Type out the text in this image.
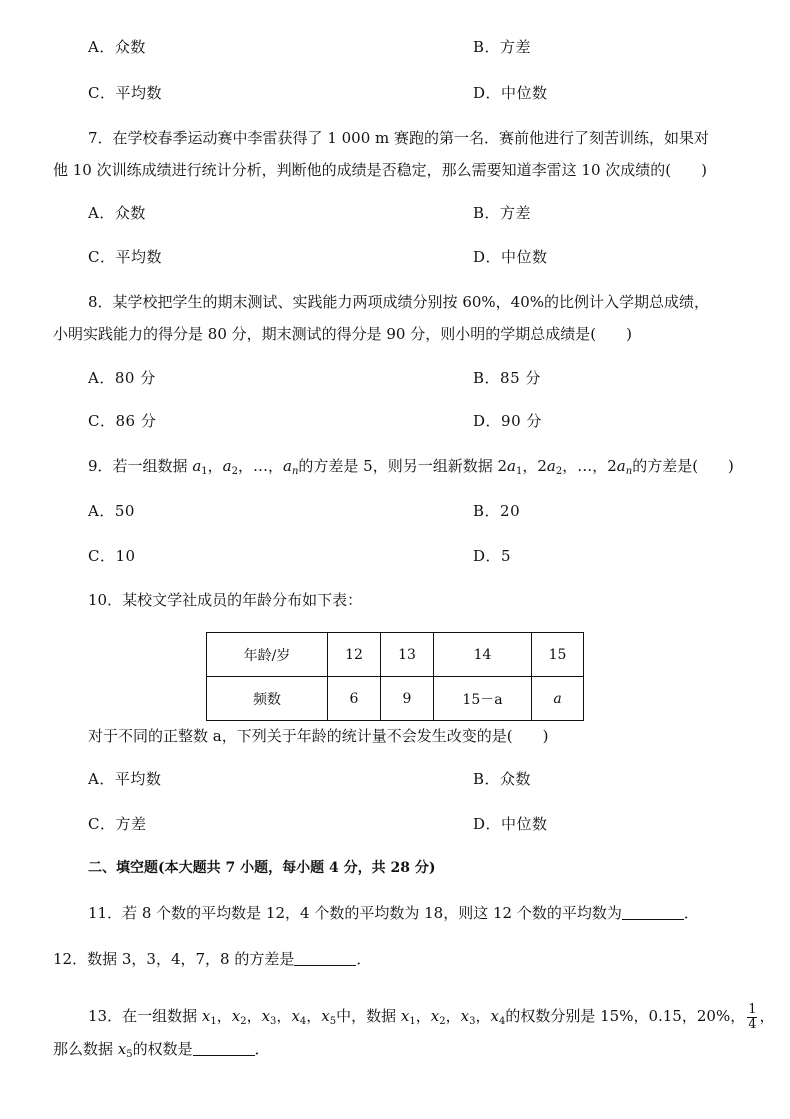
A．众数	B．方差
C．平均数	D．中位数
7．在学校春季运动赛中李雷获得了 1 000 m 赛跑的第一名．赛前他进行了刻苦训练，如果对
他 10 次训练成绩进行统计分析，判断他的成绩是否稳定，那么需要知道李雷这 10 次成绩的(　　)
A．众数	B．方差
C．平均数	D．中位数
8．某学校把学生的期末测试、实践能力两项成绩分别按 60%，40%的比例计入学期总成绩，
小明实践能力的得分是 80 分，期末测试的得分是 90 分，则小明的学期总成绩是(　　)
A．80 分	B．85 分
C．86 分	D．90 分
9．若一组数据 $a_1$，$a_2$，…，$a_n$的方差是 5，则另一组新数据 $2a_1$，$2a_2$，…，$2a_n$的方差是(　　)
A．50	B．20
C．10	D．5
10．某校文学社成员的年龄分布如下表：
年龄/岁	12	13	14	15
频数	6	9	15－a	a
对于不同的正整数 a，下列关于年龄的统计量不会发生改变的是(　　)
A．平均数	B．众数
C．方差	D．中位数
二、填空题(本大题共 7 小题，每小题 4 分，共 28 分)
11．若 8 个数的平均数是 12，4 个数的平均数为 18，则这 12 个数的平均数为	．
12．数据 3，3，4，7，8 的方差是	．
13．在一组数据 $x_1$，$x_2$，$x_3$，$x_4$，$x_5$中，数据 $x_1$，$x_2$，$x_3$，$x_4$的权数分别是 15%，0.15，20%， $\frac{1}{4}$ ，
那么数据 $x_5$的权数是	．
